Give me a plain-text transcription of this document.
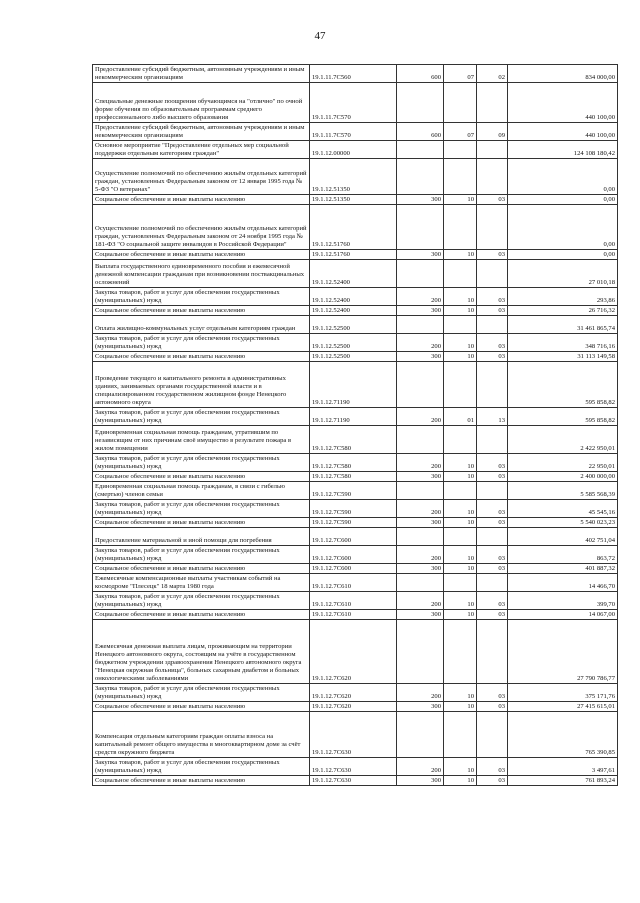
47
Предоставление субсидий бюджетным, автономным учреждениям и иным некоммерческим организациям	19.1.11.7С560	600	07	02	834 000,00
Специальные денежные поощрения обучающимся на "отлично" по очной форме обучения по образовательным программам среднего профессионального либо высшего образования	19.1.11.7С570				440 100,00
Предоставление субсидий бюджетным, автономным учреждениям и иным некоммерческим организациям	19.1.11.7С570	600	07	09	440 100,00
Основное мероприятие "Предоставление отдельных мер социальной поддержки отдельным категориям граждан"	19.1.12.00000				124 108 180,42
Осуществление полномочий по обеспечению жильём отдельных категорий граждан, установленных Федеральным законом от 12 января 1995 года № 5-ФЗ "О ветеранах"	19.1.12.51350				0,00
Социальное обеспечение и иные выплаты населению	19.1.12.51350	300	10	03	0,00
Осуществление полномочий по обеспечению жильём отдельных категорий граждан, установленных Федеральным законом от 24 ноября 1995 года № 181-ФЗ "О социальной защите инвалидов в Российской Федерации"	19.1.12.51760				0,00
Социальное обеспечение и иные выплаты населению	19.1.12.51760	300	10	03	0,00
Выплата государственного единовременного пособия и ежемесячной денежной компенсации гражданам при возникновении поствакцинальных осложнений	19.1.12.52400				27 010,18
Закупка товаров, работ и услуг для обеспечения государственных (муниципальных) нужд	19.1.12.52400	200	10	03	293,86
Социальное обеспечение и иные выплаты населению	19.1.12.52400	300	10	03	26 716,32
Оплата жилищно-коммунальных услуг отдельным категориям граждан	19.1.12.52500				31 461 865,74
Закупка товаров, работ и услуг для обеспечения государственных (муниципальных) нужд	19.1.12.52500	200	10	03	348 716,16
Социальное обеспечение и иные выплаты населению	19.1.12.52500	300	10	03	31 113 149,58
Проведение текущего и капитального ремонта в административных зданиях, занимаемых органами государственной власти и в специализированном государственном жилищном фонде Ненецкого автономного округа	19.1.12.71190				595 858,82
Закупка товаров, работ и услуг для обеспечения государственных (муниципальных) нужд	19.1.12.71190	200	01	13	595 858,82
Единовременная социальная помощь гражданам, утратившим по независящим от них причинам своё имущество в результате пожара в жилом помещении	19.1.12.7С580				2 422 950,01
Закупка товаров, работ и услуг для обеспечения государственных (муниципальных) нужд	19.1.12.7С580	200	10	03	22 950,01
Социальное обеспечение и иные выплаты населению	19.1.12.7С580	300	10	03	2 400 000,00
Единовременная социальная помощь гражданам, в связи с гибелью (смертью) членов семьи	19.1.12.7С590				5 585 568,39
Закупка товаров, работ и услуг для обеспечения государственных (муниципальных) нужд	19.1.12.7С590	200	10	03	45 545,16
Социальное обеспечение и иные выплаты населению	19.1.12.7С590	300	10	03	5 540 023,23
Предоставление материальной и иной помощи для погребения	19.1.12.7С600				402 751,04
Закупка товаров, работ и услуг для обеспечения государственных (муниципальных) нужд	19.1.12.7С600	200	10	03	863,72
Социальное обеспечение и иные выплаты населению	19.1.12.7С600	300	10	03	401 887,32
Ежемесячные компенсационные выплаты участникам событий на космодроме "Плесецк" 18 марта 1980 года	19.1.12.7С610				14 466,70
Закупка товаров, работ и услуг для обеспечения государственных (муниципальных) нужд	19.1.12.7С610	200	10	03	399,70
Социальное обеспечение и иные выплаты населению	19.1.12.7С610	300	10	03	14 067,00
Ежемесячная денежная выплата лицам, проживающим на территории Ненецкого автономного округа, состоящим на учёте в государственном бюджетном учреждении здравоохранения Ненецкого автономного округа "Ненецкая окружная больница", больных сахарным диабетом и больных онкологическими заболеваниями	19.1.12.7С620				27 790 786,77
Закупка товаров, работ и услуг для обеспечения государственных (муниципальных) нужд	19.1.12.7С620	200	10	03	375 171,76
Социальное обеспечение и иные выплаты населению	19.1.12.7С620	300	10	03	27 415 615,01
Компенсация отдельным категориям граждан оплаты взноса на капитальный ремонт общего имущества в многоквартирном доме за счёт средств окружного бюджета	19.1.12.7С630				765 390,85
Закупка товаров, работ и услуг для обеспечения государственных (муниципальных) нужд	19.1.12.7С630	200	10	03	3 497,61
Социальное обеспечение и иные выплаты населению	19.1.12.7С630	300	10	03	761 893,24
